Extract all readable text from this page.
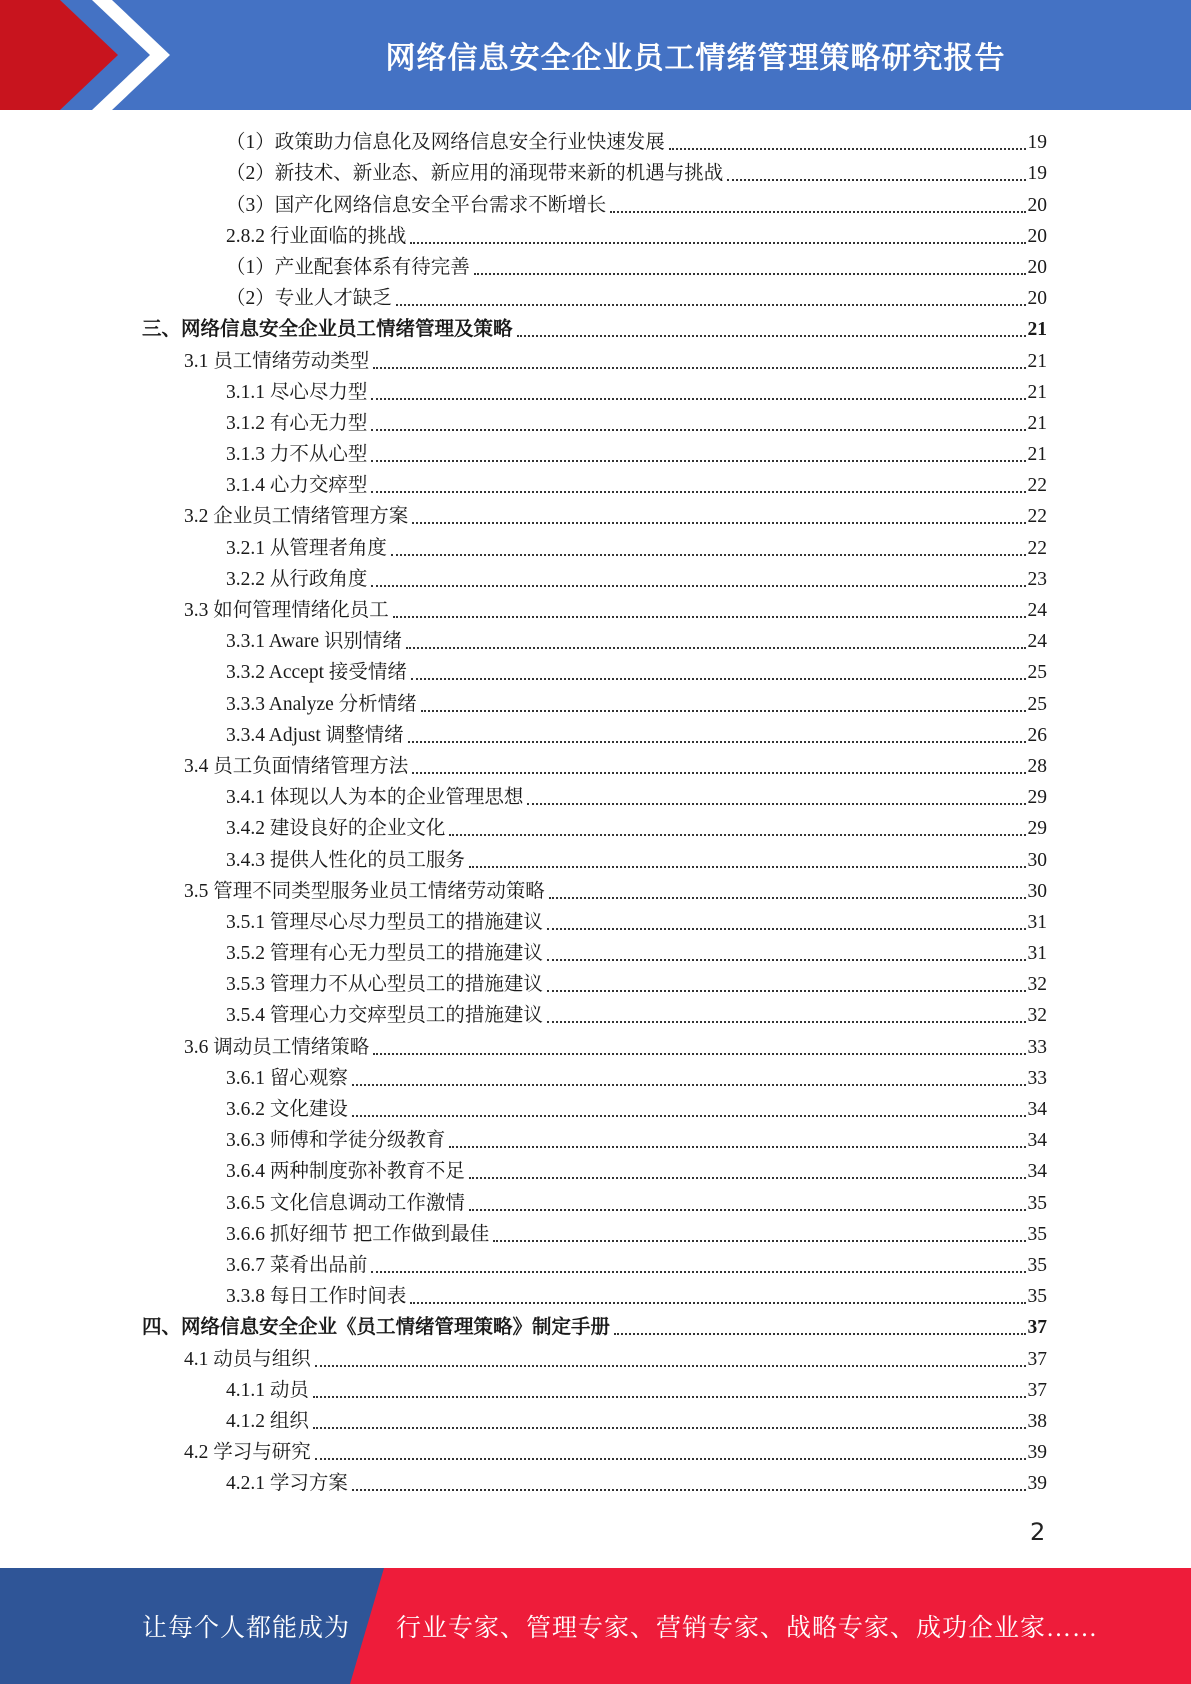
网络信息安全企业员工情绪管理策略研究报告
（1）政策助力信息化及网络信息安全行业快速发展	19
（2）新技术、新业态、新应用的涌现带来新的机遇与挑战	19
（3）国产化网络信息安全平台需求不断增长	20
2.8.2 行业面临的挑战	20
（1）产业配套体系有待完善	20
（2）专业人才缺乏	20
三、网络信息安全企业员工情绪管理及策略	21
3.1 员工情绪劳动类型	21
3.1.1 尽心尽力型	21
3.1.2 有心无力型	21
3.1.3 力不从心型	21
3.1.4 心力交瘁型	22
3.2 企业员工情绪管理方案	22
3.2.1 从管理者角度	22
3.2.2 从行政角度	23
3.3 如何管理情绪化员工	24
3.3.1 Aware 识别情绪	24
3.3.2 Accept 接受情绪	25
3.3.3 Analyze 分析情绪	25
3.3.4 Adjust 调整情绪	26
3.4 员工负面情绪管理方法	28
3.4.1 体现以人为本的企业管理思想	29
3.4.2 建设良好的企业文化	29
3.4.3 提供人性化的员工服务	30
3.5 管理不同类型服务业员工情绪劳动策略	30
3.5.1 管理尽心尽力型员工的措施建议	31
3.5.2 管理有心无力型员工的措施建议	31
3.5.3 管理力不从心型员工的措施建议	32
3.5.4 管理心力交瘁型员工的措施建议	32
3.6 调动员工情绪策略	33
3.6.1 留心观察	33
3.6.2 文化建设	34
3.6.3 师傅和学徒分级教育	34
3.6.4 两种制度弥补教育不足	34
3.6.5 文化信息调动工作激情	35
3.6.6 抓好细节 把工作做到最佳	35
3.6.7 菜肴出品前	35
3.3.8 每日工作时间表	35
四、网络信息安全企业《员工情绪管理策略》制定手册	37
4.1 动员与组织	37
4.1.1 动员	37
4.1.2 组织	38
4.2 学习与研究	39
4.2.1 学习方案	39
2
让每个人都能成为 行业专家、管理专家、营销专家、战略专家、成功企业家……
